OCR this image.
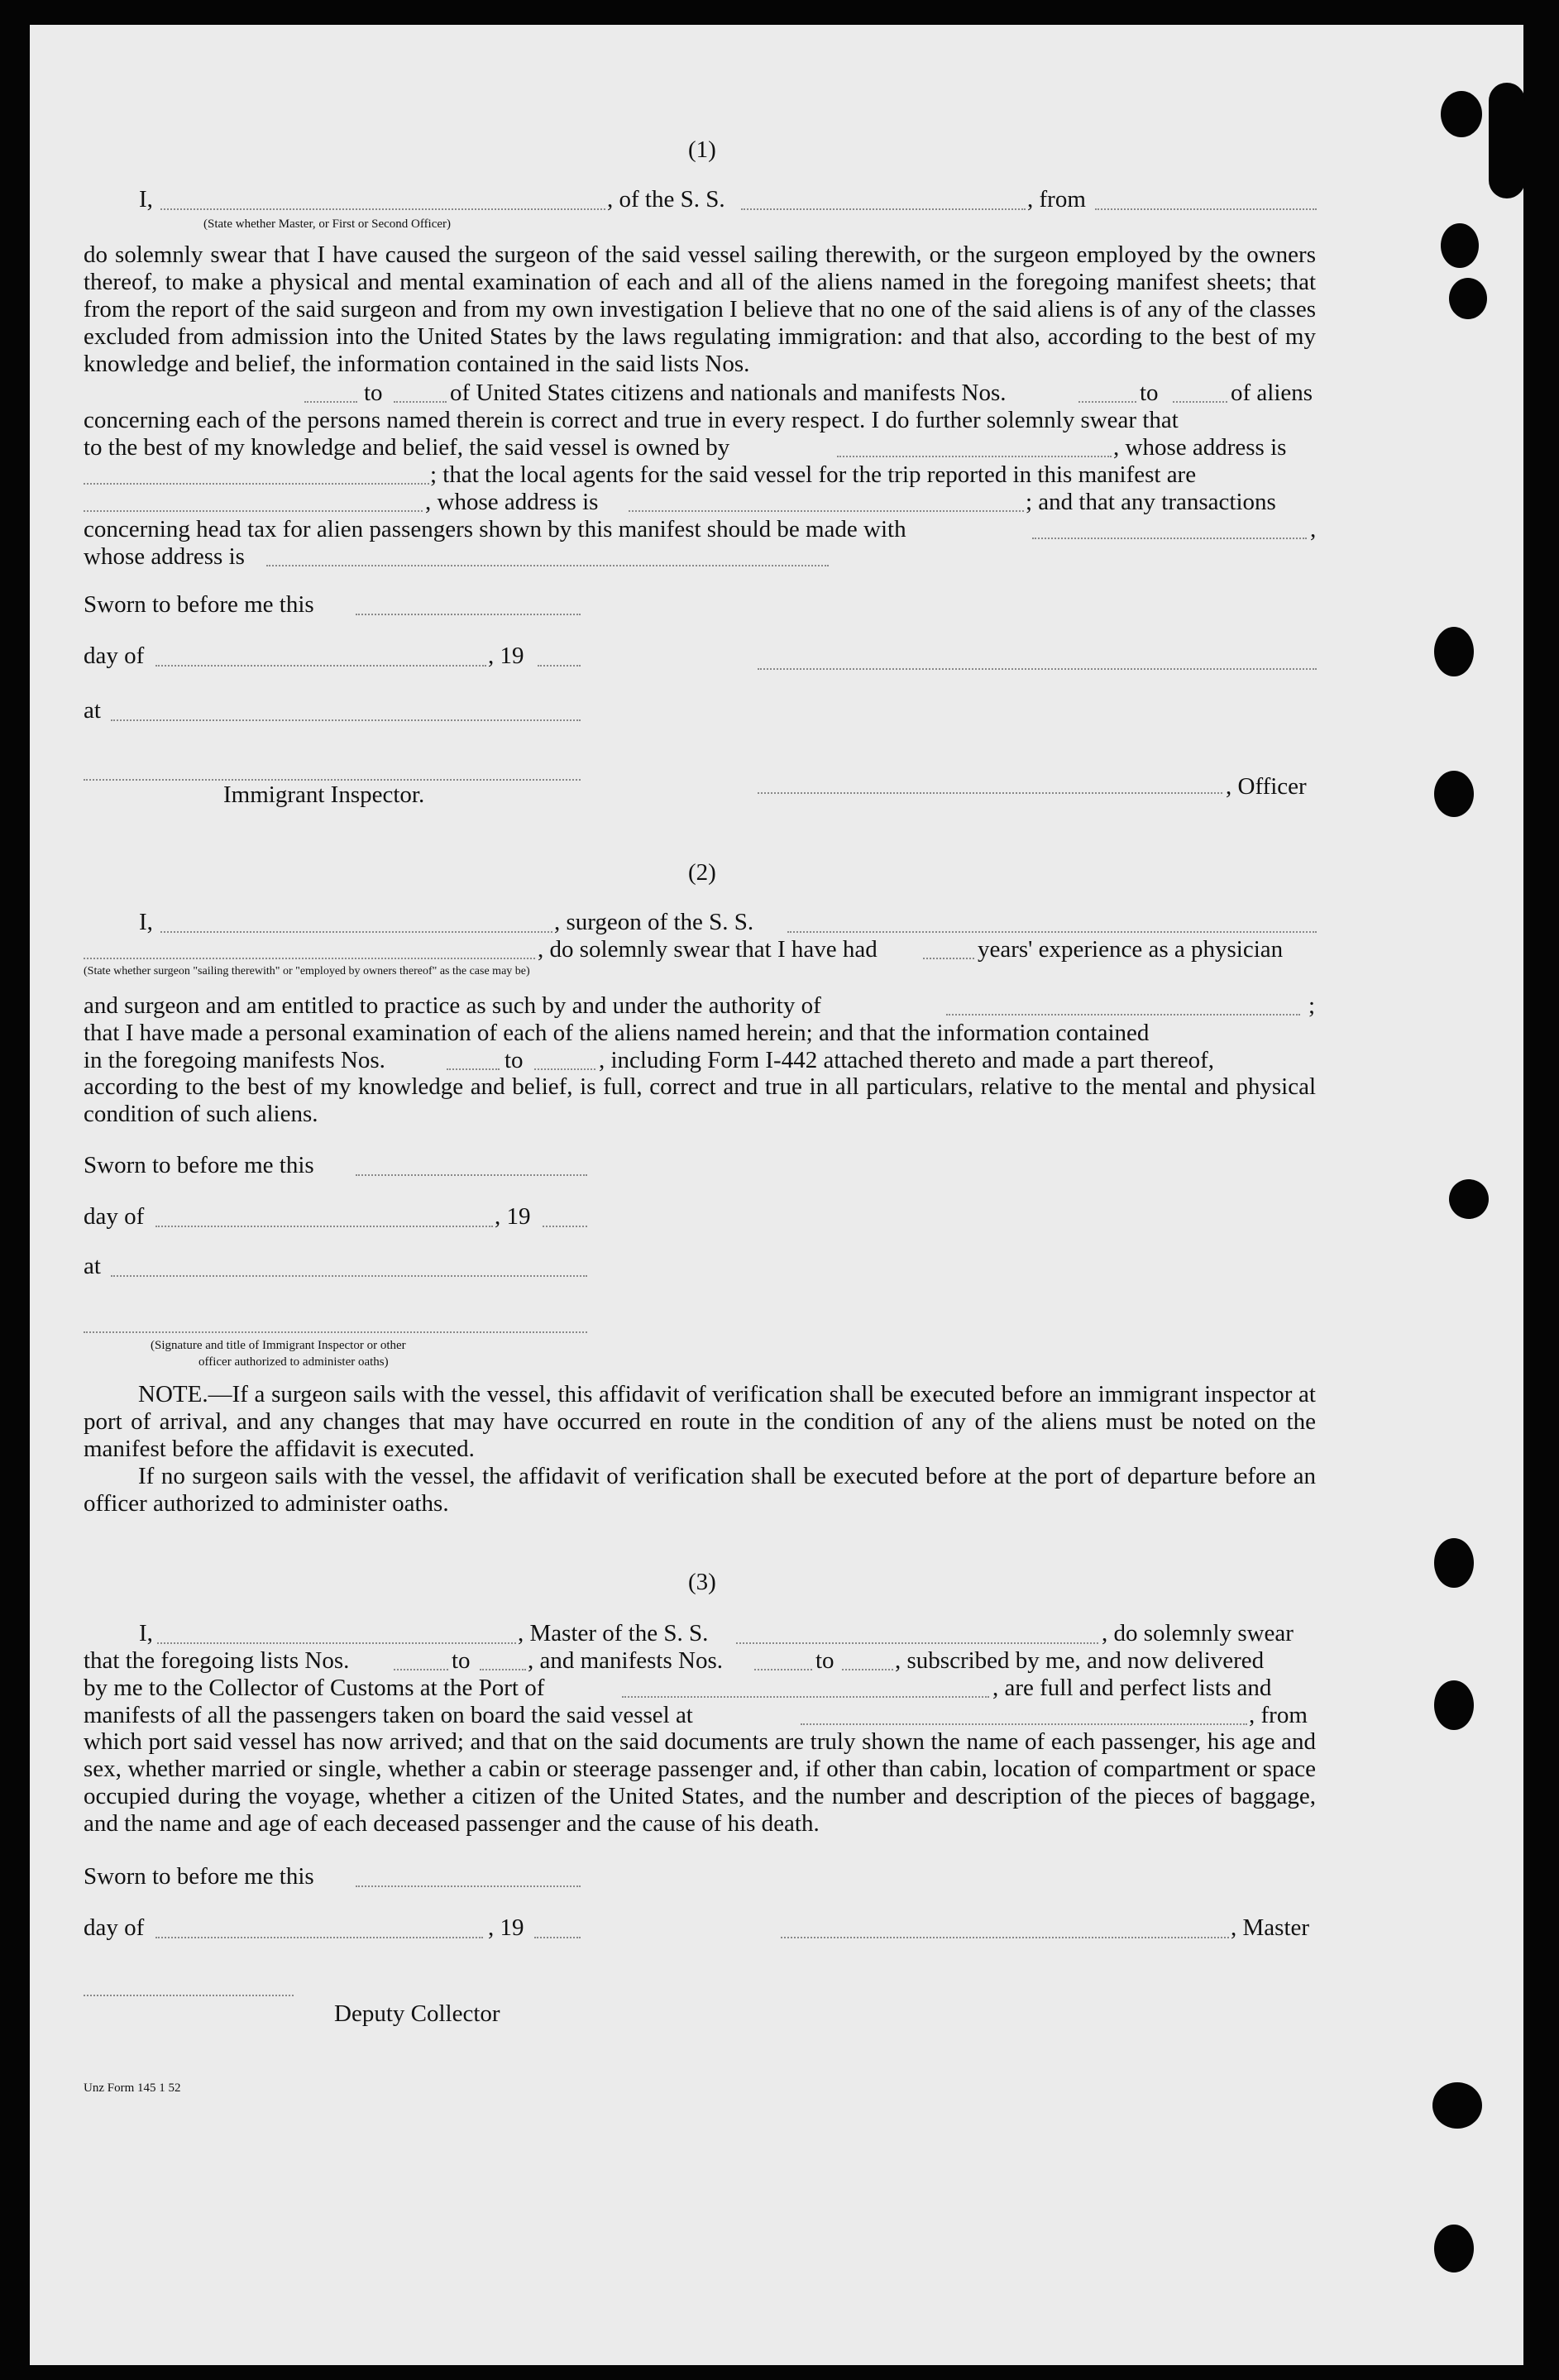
(1)
I,	, of the S. S.	, from
(State whether Master, or First or Second Officer)

do solemnly swear that I have caused the surgeon of the said vessel sailing therewith, or the surgeon employed by the owners thereof, to make a physical and mental examination of each and all of the aliens named in the foregoing manifest sheets; that from the report of the said surgeon and from my own investigation I believe that no one of the said aliens is of any of the classes excluded from admission into the United States by the laws regulating immigration: and that also, according to the best of my knowledge and belief, the information contained in the said lists Nos.

to	of United States citizens and nationals and manifests Nos.	to	of aliens
concerning each of the persons named therein is correct and true in every respect. I do further solemnly swear that
to the best of my knowledge and belief, the said vessel is owned by	, whose address is
; that the local agents for the said vessel for the trip reported in this manifest are
, whose address is	; and that any transactions
concerning head tax for alien passengers shown by this manifest should be made with	,
whose address is
Sworn to before me this
day of	, 19
at
, Officer
Immigrant Inspector.
(2)
I,	, surgeon of the S. S.
, do solemnly swear that I have had	years' experience as a physician
(State whether surgeon "sailing therewith" or "employed by owners thereof" as the case may be)
and surgeon and am entitled to practice as such by and under the authority of	;
that I have made a personal examination of each of the aliens named herein; and that the information contained
in the foregoing manifests Nos.	to	, including Form I-442 attached thereto and made a part thereof,

according to the best of my knowledge and belief, is full, correct and true in all particulars, relative to the mental and physical condition of such aliens.

Sworn to before me this
day of	, 19
at
(Signature and title of Immigrant Inspector or other
officer authorized to administer oaths)

NOTE.—If a surgeon sails with the vessel, this affidavit of verification shall be executed before an immigrant inspector at port of arrival, and any changes that may have occurred en route in the condition of any of the aliens must be noted on the manifest before the affidavit is executed.

If no surgeon sails with the vessel, the affidavit of verification shall be executed before at the port of departure before an officer authorized to administer oaths.

(3)
I,	, Master of the S. S.	, do solemnly swear
that the foregoing lists Nos.	to , and manifests Nos.	to	, subscribed by me, and now delivered
by me to the Collector of Customs at the Port of	, are full and perfect lists and
manifests of all the passengers taken on board the said vessel at	, from

which port said vessel has now arrived; and that on the said documents are truly shown the name of each passenger, his age and sex, whether married or single, whether a cabin or steerage passenger and, if other than cabin, location of compartment or space occupied during the voyage, whether a citizen of the United States, and the number and description of the pieces of baggage, and the name and age of each deceased passenger and the cause of his death.

Sworn to before me this
day of	, 19	, Master
Deputy Collector
Unz Form 145 1 52
